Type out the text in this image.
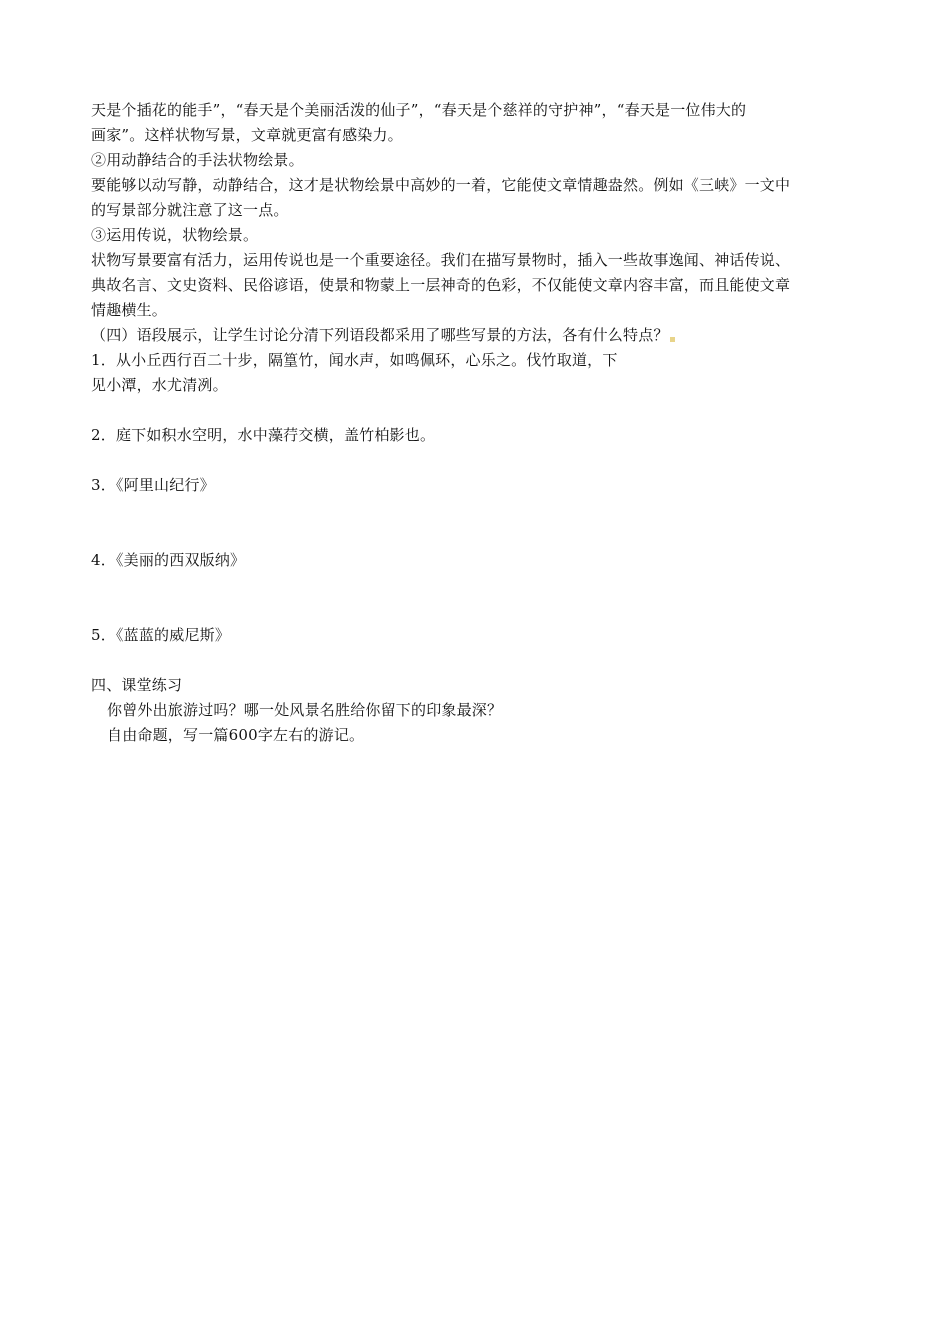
天是个插花的能手”，“春天是个美丽活泼的仙子”，“春天是个慈祥的守护神”，“春天是一位伟大的
画家”。这样状物写景，文章就更富有感染力。
②用动静结合的手法状物绘景。
要能够以动写静，动静结合，这才是状物绘景中高妙的一着，它能使文章情趣盎然。例如《三峡》一文中
的写景部分就注意了这一点。
③运用传说，状物绘景。
状物写景要富有活力，运用传说也是一个重要途径。我们在描写景物时，插入一些故事逸闻、神话传说、
典故名言、文史资料、民俗谚语，使景和物蒙上一层神奇的色彩，不仅能使文章内容丰富，而且能使文章
情趣横生。
（四）语段展示，让学生讨论分清下列语段都采用了哪些写景的方法，各有什么特点？
1．从小丘西行百二十步，隔篁竹，闻水声，如鸣佩环，心乐之。伐竹取道，下
见小潭，水尤清冽。
2．庭下如积水空明，水中藻荇交横，盖竹柏影也。
3．《阿里山纪行》
4．《美丽的西双版纳》
5．《蓝蓝的威尼斯》
四、课堂练习
你曾外出旅游过吗？哪一处风景名胜给你留下的印象最深？
自由命题，写一篇600字左右的游记。
